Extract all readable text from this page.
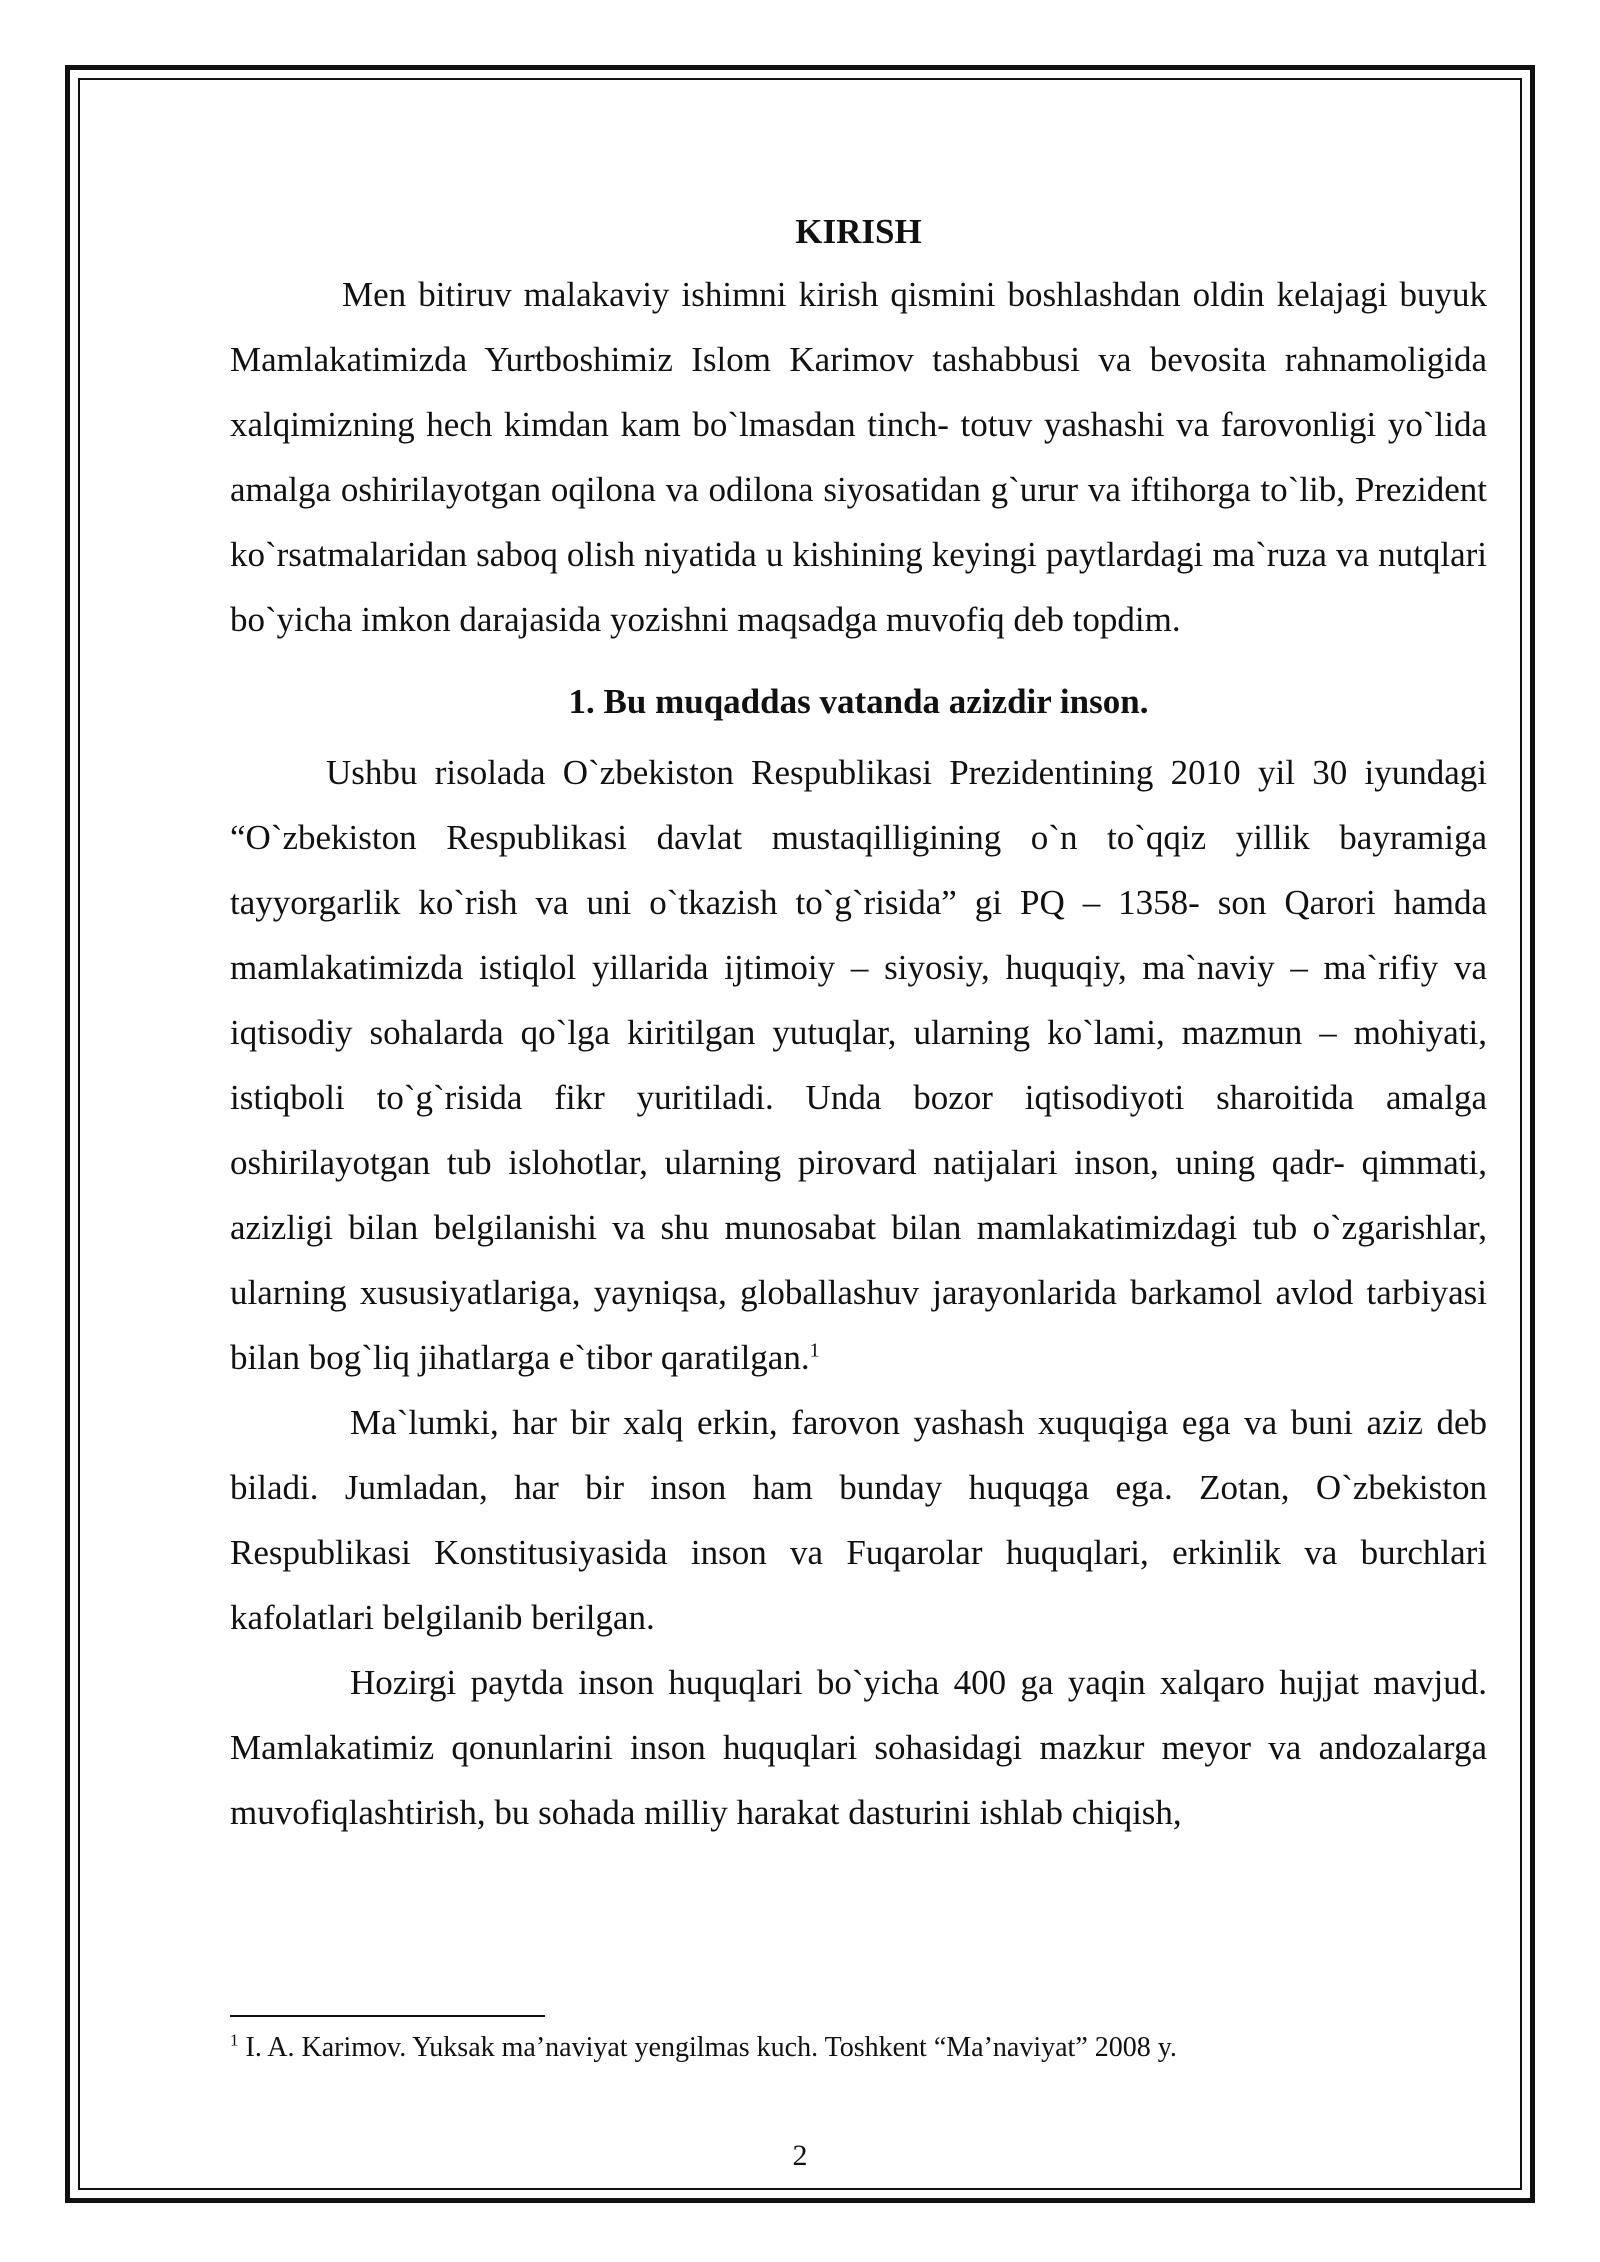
KIRISH

Men bitiruv malakaviy ishimni kirish qismini boshlashdan oldin kelajagi buyuk Mamlakatimizda Yurtboshimiz Islom Karimov tashabbusi va bevosita rahnamoligida xalqimizning hech kimdan kam bo`lmasdan tinch- totuv yashashi va farovonligi yo`lida amalga oshirilayotgan oqilona va odilona siyosatidan g`urur va iftihorga to`lib, Prezident ko`rsatmalaridan saboq olish niyatida u kishining keyingi paytlardagi ma`ruza va nutqlari bo`yicha imkon darajasida yozishni maqsadga muvofiq deb topdim.

1. Bu muqaddas vatanda azizdir inson.

Ushbu risolada O`zbekiston Respublikasi Prezidentining 2010 yil 30 iyundagi “O`zbekiston Respublikasi davlat mustaqilligining o`n to`qqiz yillik bayramiga tayyorgarlik ko`rish va uni o`tkazish to`g`risida” gi PQ – 1358- son Qarori hamda mamlakatimizda istiqlol yillarida ijtimoiy – siyosiy, huquqiy, ma`naviy – ma`rifiy va iqtisodiy sohalarda qo`lga kiritilgan yutuqlar, ularning ko`lami, mazmun – mohiyati, istiqboli to`g`risida fikr yuritiladi. Unda bozor iqtisodiyoti sharoitida amalga oshirilayotgan tub islohotlar, ularning pirovard natijalari inson, uning qadr- qimmati, azizligi bilan belgilanishi va shu munosabat bilan mamlakatimizdagi tub o`zgarishlar, ularning xususiyatlariga, yayniqsa, globallashuv jarayonlarida barkamol avlod tarbiyasi bilan bog`liq jihatlarga e`tibor qaratilgan.$^1$

Ma`lumki, har bir xalq erkin, farovon yashash xuquqiga ega va buni aziz deb biladi. Jumladan, har bir inson ham bunday huquqga ega. Zotan, O`zbekiston Respublikasi Konstitusiyasida inson va Fuqarolar huquqlari, erkinlik va burchlari kafolatlari belgilanib berilgan.

Hozirgi paytda inson huquqlari bo`yicha 400 ga yaqin xalqaro hujjat mavjud. Mamlakatimiz qonunlarini inson huquqlari sohasidagi mazkur meyor va andozalarga muvofiqlashtirish, bu sohada milliy harakat dasturini ishlab chiqish,

$^1$ I. A. Karimov. Yuksak ma’naviyat yengilmas kuch. Toshkent “Ma’naviyat” 2008 y.
2
